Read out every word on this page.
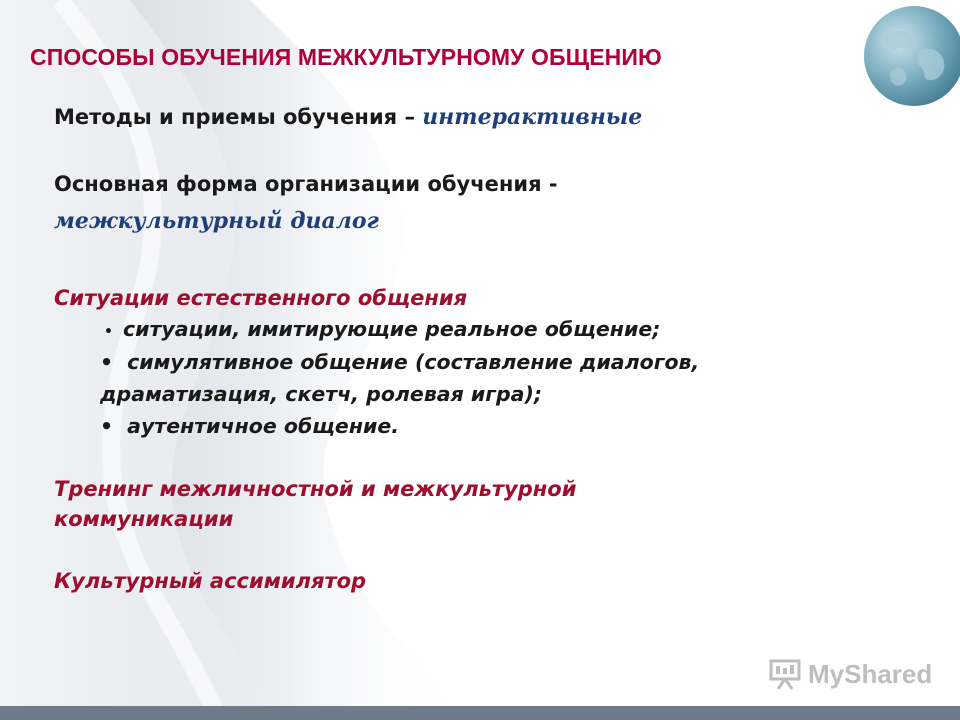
СПОСОБЫ ОБУЧЕНИЯ МЕЖКУЛЬТУРНОМУ ОБЩЕНИЮ
Методы и приемы обучения – интерактивные
Основная форма организации обучения -
межкультурный диалог
Ситуации естественного общения
• ситуации, имитирующие реальное общение;
• симулятивное общение (составление диалогов,
драматизация, скетч, ролевая игра);
• аутентичное общение.
Тренинг межличностной и межкультурной
коммуникации
Культурный ассимилятор
MyShared
